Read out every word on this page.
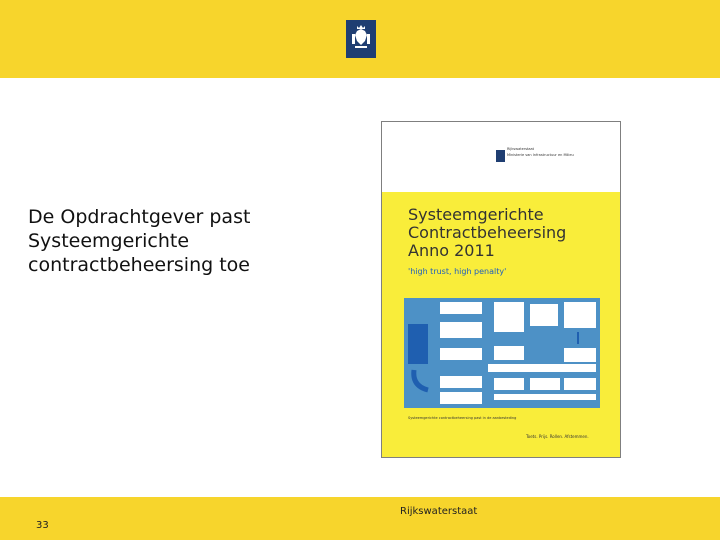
De Opdrachtgever past
Systeemgerichte
contractbeheersing toe
Rijkswaterstaat
Ministerie van Infrastructuur en Milieu
Systeemgerichte
Contractbeheersing
Anno 2011
'high trust, high penalty'
Systeemgerichte contractbeheersing past in de aanbesteding
Toets. Prijs. Rollen. Afstemmen.
Rijkswaterstaat
33
